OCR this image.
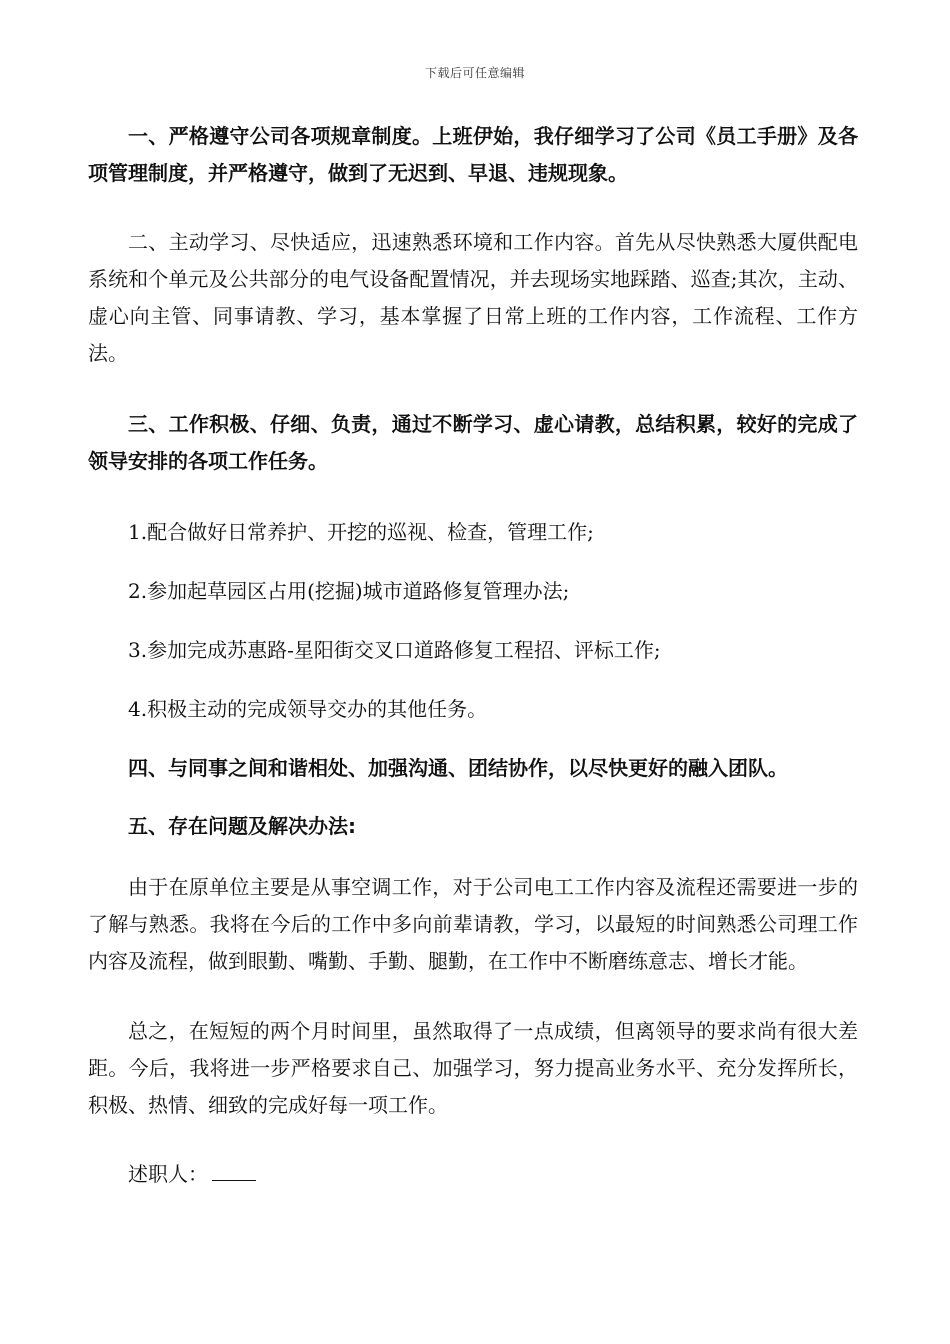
下载后可任意编辑

一、严格遵守公司各项规章制度。上班伊始，我仔细学习了公司《员工手册》及各项管理制度，并严格遵守，做到了无迟到、早退、违规现象。

二、主动学习、尽快适应，迅速熟悉环境和工作内容。首先从尽快熟悉大厦供配电系统和个单元及公共部分的电气设备配置情况，并去现场实地踩踏、巡查;其次，主动、虚心向主管、同事请教、学习，基本掌握了日常上班的工作内容，工作流程、工作方法。

三、工作积极、仔细、负责，通过不断学习、虚心请教，总结积累，较好的完成了领导安排的各项工作任务。

1.配合做好日常养护、开挖的巡视、检查，管理工作;

2.参加起草园区占用(挖掘)城市道路修复管理办法;

3.参加完成苏惠路-星阳街交叉口道路修复工程招、评标工作;

4.积极主动的完成领导交办的其他任务。

四、与同事之间和谐相处、加强沟通、团结协作，以尽快更好的融入团队。

五、存在问题及解决办法:

由于在原单位主要是从事空调工作，对于公司电工工作内容及流程还需要进一步的了解与熟悉。我将在今后的工作中多向前辈请教，学习，以最短的时间熟悉公司理工作内容及流程，做到眼勤、嘴勤、手勤、腿勤，在工作中不断磨练意志、增长才能。

总之，在短短的两个月时间里，虽然取得了一点成绩，但离领导的要求尚有很大差距。今后，我将进一步严格要求自己、加强学习，努力提高业务水平、充分发挥所长，积极、热情、细致的完成好每一项工作。

述职人：
